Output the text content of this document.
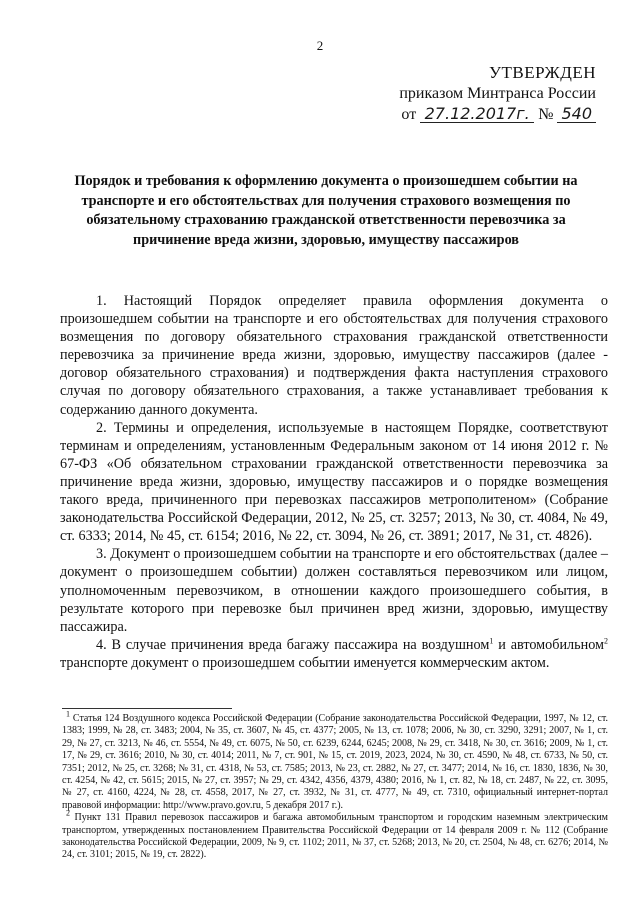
2
УТВЕРЖДЕН
приказом Минтранса России
от 27.12.2017г. № 540
Порядок и требования к оформлению документа о произошедшем событии на транспорте и его обстоятельствах для получения страхового возмещения по обязательному страхованию гражданской ответственности перевозчика за причинение вреда жизни, здоровью, имуществу пассажиров

1. Настоящий Порядок определяет правила оформления документа о произошедшем событии на транспорте и его обстоятельствах для получения страхового возмещения по договору обязательного страхования гражданской ответственности перевозчика за причинение вреда жизни, здоровью, имуществу пассажиров (далее - договор обязательного страхования) и подтверждения факта наступления страхового случая по договору обязательного страхования, а также устанавливает требования к содержанию данного документа.

2. Термины и определения, используемые в настоящем Порядке, соответствуют терминам и определениям, установленным Федеральным законом от 14 июня 2012 г. № 67-ФЗ «Об обязательном страховании гражданской ответственности перевозчика за причинение вреда жизни, здоровью, имуществу пассажиров и о порядке возмещения такого вреда, причиненного при перевозках пассажиров метрополитеном» (Собрание законодательства Российской Федерации, 2012, № 25, ст. 3257; 2013, № 30, ст. 4084, № 49, ст. 6333; 2014, № 45, ст. 6154; 2016, № 22, ст. 3094, № 26, ст. 3891; 2017, № 31, ст. 4826).

3. Документ о произошедшем событии на транспорте и его обстоятельствах (далее – документ о произошедшем событии) должен составляться перевозчиком или лицом, уполномоченным перевозчиком, в отношении каждого произошедшего события, в результате которого при перевозке был причинен вред жизни, здоровью, имуществу пассажира.

4. В случае причинения вреда багажу пассажира на воздушном$^1$ и автомобильном$^2$ транспорте документ о произошедшем событии именуется коммерческим актом.

$^1$ Статья 124 Воздушного кодекса Российской Федерации (Собрание законодательства Российской Федерации, 1997, № 12, ст. 1383; 1999, № 28, ст. 3483; 2004, № 35, ст. 3607, № 45, ст. 4377; 2005, № 13, ст. 1078; 2006, № 30, ст. 3290, 3291; 2007, № 1, ст. 29, № 27, ст. 3213, № 46, ст. 5554, № 49, ст. 6075, № 50, ст. 6239, 6244, 6245; 2008, № 29, ст. 3418, № 30, ст. 3616; 2009, № 1, ст. 17, № 29, ст. 3616; 2010, № 30, ст. 4014; 2011, № 7, ст. 901, № 15, ст. 2019, 2023, 2024, № 30, ст. 4590, № 48, ст. 6733, № 50, ст. 7351; 2012, № 25, ст. 3268; № 31, ст. 4318, № 53, ст. 7585; 2013, № 23, ст. 2882, № 27, ст. 3477; 2014, № 16, ст. 1830, 1836, № 30, ст. 4254, № 42, ст. 5615; 2015, № 27, ст. 3957; № 29, ст. 4342, 4356, 4379, 4380; 2016, № 1, ст. 82, № 18, ст. 2487, № 22, ст. 3095, № 27, ст. 4160, 4224, № 28, ст. 4558, 2017, № 27, ст. 3932, № 31, ст. 4777, № 49, ст. 7310, официальный интернет-портал правовой информации: http://www.pravo.gov.ru, 5 декабря 2017 г.).

$^2$ Пункт 131 Правил перевозок пассажиров и багажа автомобильным транспортом и городским наземным электрическим транспортом, утвержденных постановлением Правительства Российской Федерации от 14 февраля 2009 г. № 112 (Собрание законодательства Российской Федерации, 2009, № 9, ст. 1102; 2011, № 37, ст. 5268; 2013, № 20, ст. 2504, № 48, ст. 6276; 2014, № 24, ст. 3101; 2015, № 19, ст. 2822).
